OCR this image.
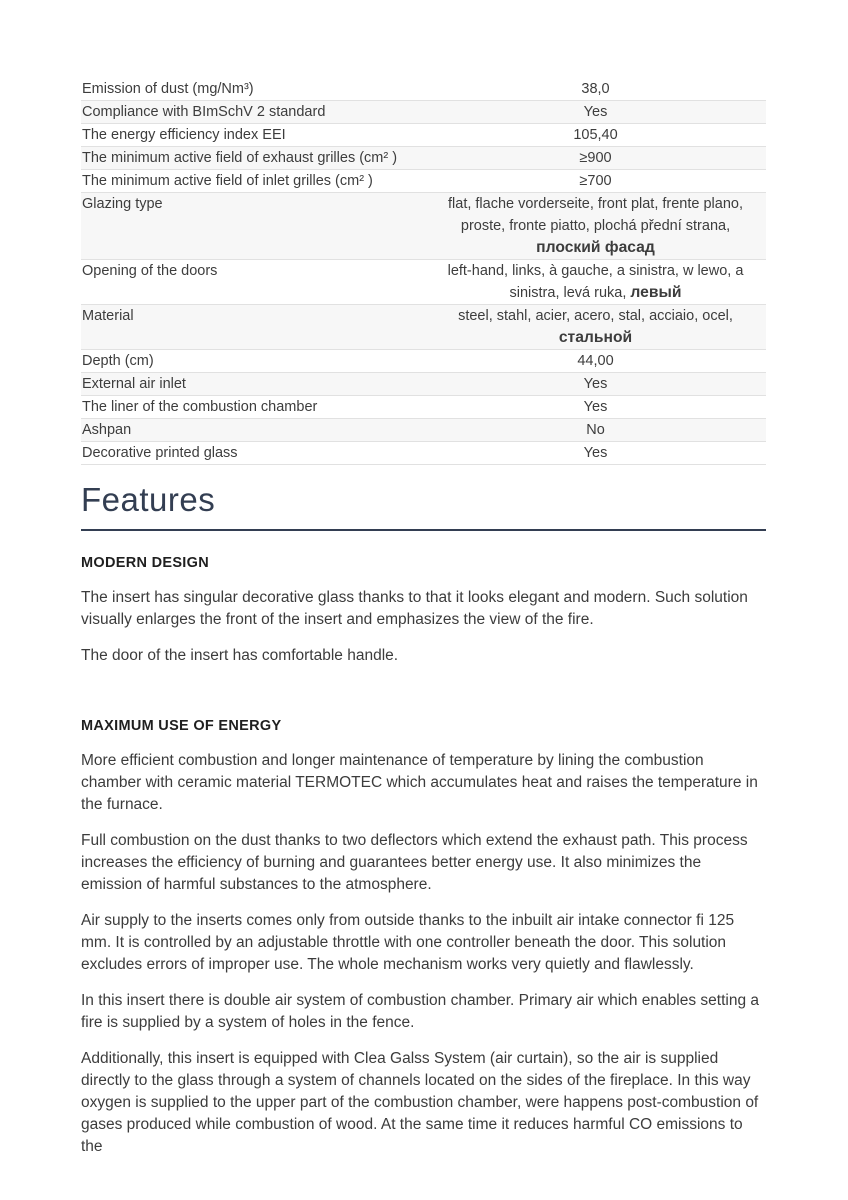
Emission of dust (mg/Nm³)	38,0
Compliance with BImSchV 2 standard	Yes
The energy efficiency index EEI	105,40
The minimum active field of exhaust grilles (cm² )	≥900
The minimum active field of inlet grilles (cm² )	≥700
Glazing type	flat, flache vorderseite, front plat, frente plano, proste, fronte piatto, plochá přední strana, плоский фасад
Opening of the doors	left-hand, links, à gauche, a sinistra, w lewo, a sinistra, levá ruka, левый
Material	steel, stahl, acier, acero, stal, acciaio, ocel, стальной
Depth (cm)	44,00
External air inlet	Yes
The liner of the combustion chamber	Yes
Ashpan	No
Decorative printed glass	Yes
Features
MODERN DESIGN

The insert has singular decorative glass thanks to that it looks elegant and modern. Such solution visually enlarges the front of the insert and emphasizes the view of the fire.

The door of the insert has comfortable handle.

MAXIMUM USE OF ENERGY

More efficient combustion and longer maintenance of temperature by lining the combustion chamber with ceramic material TERMOTEC which accumulates heat and raises the temperature in the furnace.

Full combustion on the dust thanks to two deflectors which extend the exhaust path. This process increases the efficiency of burning and guarantees better energy use. It also minimizes the emission of harmful substances to the atmosphere.

Air supply to the inserts comes only from outside thanks to the inbuilt air intake connector fi 125 mm. It is controlled by an adjustable throttle with one controller beneath the door. This solution excludes errors of improper use. The whole mechanism works very quietly and flawlessly.

In this insert there is double air system of combustion chamber. Primary air which enables setting a fire is supplied by a system of holes in the fence.

Additionally, this insert is equipped with Clea Galss System (air curtain), so the air is supplied directly to the glass through a system of channels located on the sides of the fireplace. In this way oxygen is supplied to the upper part of the combustion chamber, were happens post-combustion of gases produced while combustion of wood. At the same time it reduces harmful CO emissions to the
